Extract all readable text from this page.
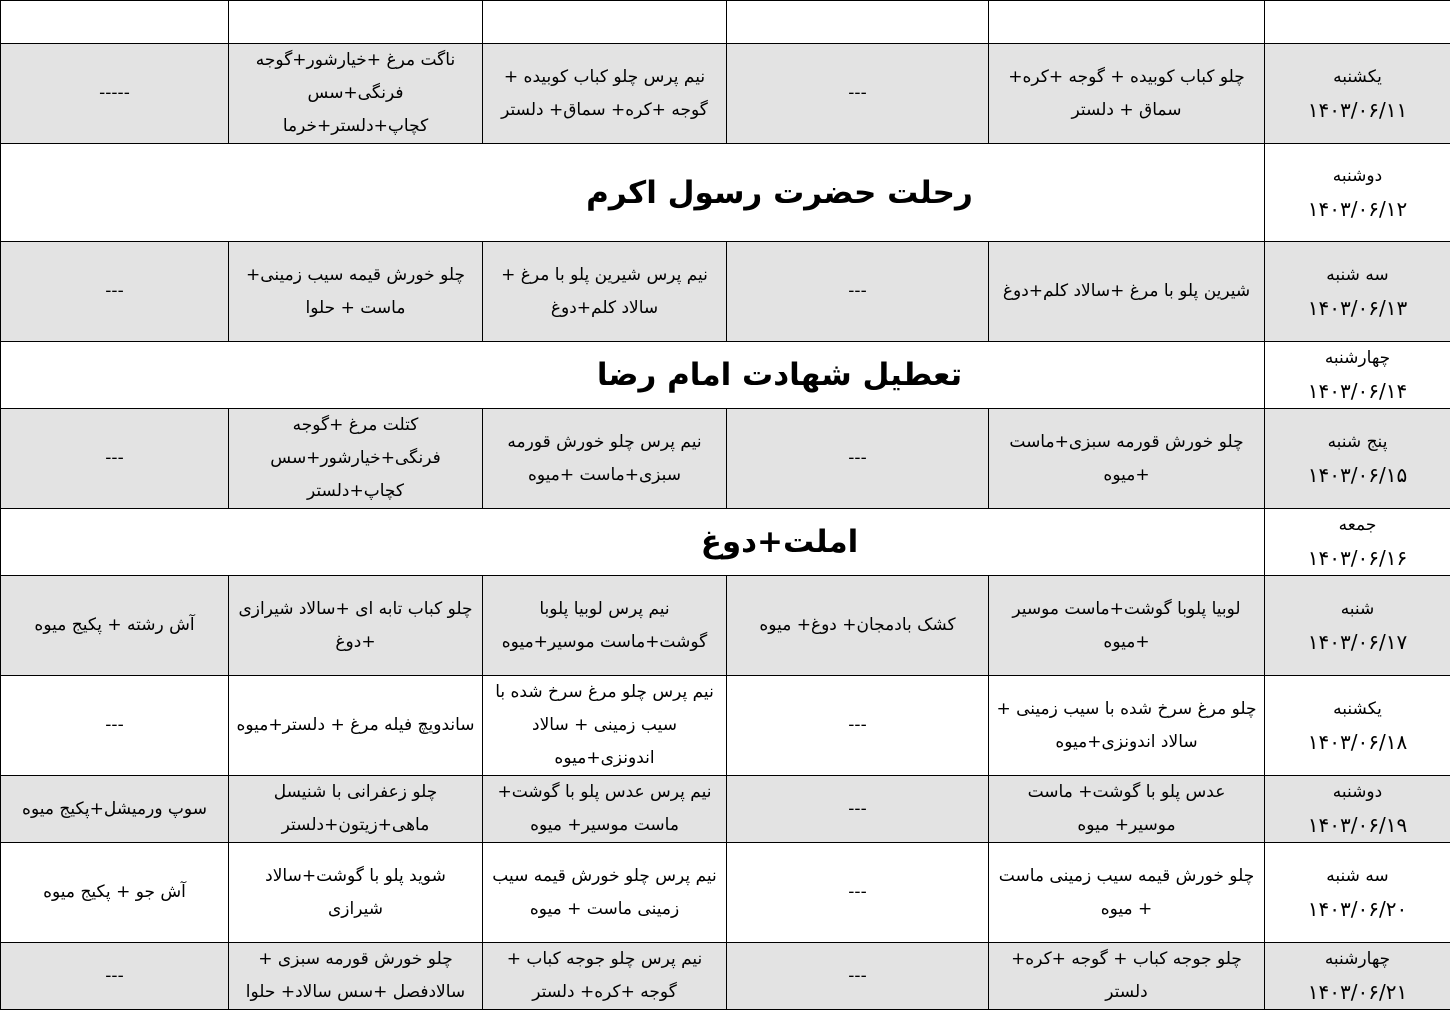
یکشنبه
۱۴۰۳/۰۶/۱۱	چلو کباب کوبیده + گوجه +کره+ سماق + دلستر	---	نیم پرس چلو کباب کوبیده + گوجه +کره+ سماق+ دلستر	ناگت مرغ +خیارشور+گوجه فرنگی+سس کچاپ+دلستر+خرما	-----

دوشنبه
۱۴۰۳/۰۶/۱۲	رحلت حضرت رسول اکرم				

سه شنبه
۱۴۰۳/۰۶/۱۳	شیرین پلو با مرغ +سالاد کلم+دوغ	---	نیم پرس شیرین پلو با مرغ + سالاد کلم+دوغ	چلو خورش قیمه سیب زمینی+ ماست + حلوا	---

چهارشنبه
۱۴۰۳/۰۶/۱۴	تعطیل شهادت امام رضا				

پنج شنبه
۱۴۰۳/۰۶/۱۵	چلو خورش قورمه سبزی+ماست +میوه	---	نیم پرس چلو خورش قورمه سبزی+ماست +میوه	کتلت مرغ +گوجه فرنگی+خیارشور+سس کچاپ+دلستر	---

جمعه
۱۴۰۳/۰۶/۱۶	املت+دوغ				

شنبه
۱۴۰۳/۰۶/۱۷	لوبیا پلوبا گوشت+ماست موسیر +میوه	کشک بادمجان+ دوغ+ میوه	نیم پرس لوبیا پلوبا گوشت+ماست موسیر+میوه	چلو کباب تابه ای +سالاد شیرازی +دوغ	آش رشته + پکیج میوه

یکشنبه
۱۴۰۳/۰۶/۱۸	چلو مرغ سرخ شده با سیب زمینی + سالاد اندونزی+میوه	---	نیم پرس چلو مرغ سرخ شده با سیب زمینی + سالاد اندونزی+میوه	ساندویچ فیله مرغ + دلستر+میوه	---

دوشنبه
۱۴۰۳/۰۶/۱۹	عدس پلو با گوشت+ ماست موسیر+ میوه	---	نیم پرس عدس پلو با گوشت+ ماست موسیر+ میوه	چلو زعفرانی با شنیسل ماهی+زیتون+دلستر	سوپ ورمیشل+پکیج میوه

سه شنبه
۱۴۰۳/۰۶/۲۰	چلو خورش قیمه سیب زمینی ماست + میوه	---	نیم پرس چلو خورش قیمه سیب زمینی ماست + میوه	شوید پلو با گوشت+سالاد شیرازی	آش جو + پکیج میوه

چهارشنبه
۱۴۰۳/۰۶/۲۱	چلو جوجه کباب + گوجه +کره+ دلستر	---	نیم پرس چلو جوجه کباب + گوجه +کره+ دلستر	چلو خورش قورمه سبزی + سالادفصل +سس سالاد+ حلوا	---
